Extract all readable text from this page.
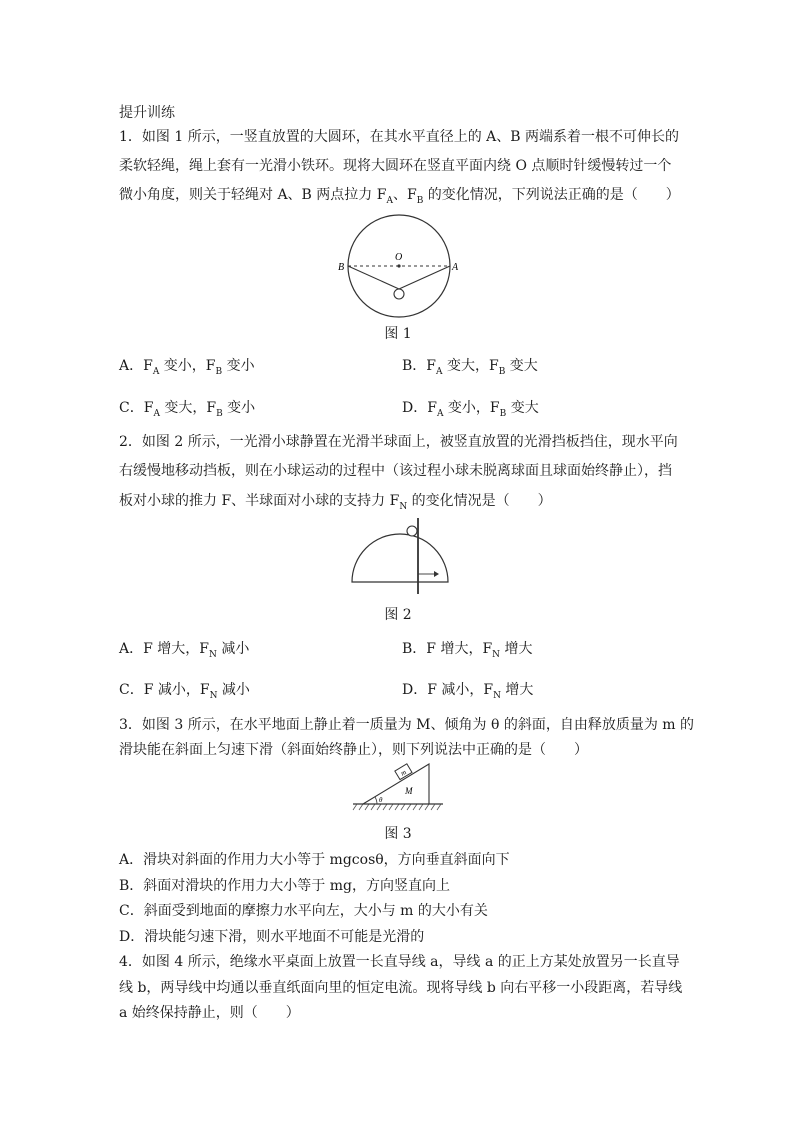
提升训练
1．如图 1 所示，一竖直放置的大圆环，在其水平直径上的 A、B 两端系着一根不可伸长的
柔软轻绳，绳上套有一光滑小铁环。现将大圆环在竖直平面内绕 O 点顺时针缓慢转过一个
微小角度，则关于轻绳对 A、B 两点拉力 $F_A$、$F_B$ 的变化情况，下列说法正确的是（　　）
O
B	A
图 1
A．$F_A$ 变小，$F_B$ 变小	B．$F_A$ 变大，$F_B$ 变大
C．$F_A$ 变大，$F_B$ 变小	D．$F_A$ 变小，$F_B$ 变大
2．如图 2 所示，一光滑小球静置在光滑半球面上，被竖直放置的光滑挡板挡住，现水平向
右缓慢地移动挡板，则在小球运动的过程中（该过程小球未脱离球面且球面始终静止），挡
板对小球的推力 F、半球面对小球的支持力 $F_N$ 的变化情况是（　　）
图 2
A．F 增大，$F_N$ 减小	B．F 增大，$F_N$ 增大
C．F 减小，$F_N$ 减小	D．F 减小，$F_N$ 增大
3．如图 3 所示，在水平地面上静止着一质量为 M、倾角为 θ 的斜面，自由释放质量为 m 的
滑块能在斜面上匀速下滑（斜面始终静止），则下列说法中正确的是（　　）
m
M
θ
图 3
A．滑块对斜面的作用力大小等于 mgcosθ，方向垂直斜面向下
B．斜面对滑块的作用力大小等于 mg，方向竖直向上
C．斜面受到地面的摩擦力水平向左，大小与 m 的大小有关
D．滑块能匀速下滑，则水平地面不可能是光滑的
4．如图 4 所示，绝缘水平桌面上放置一长直导线 a，导线 a 的正上方某处放置另一长直导
线 b，两导线中均通以垂直纸面向里的恒定电流。现将导线 b 向右平移一小段距离，若导线
a 始终保持静止，则（　　）
